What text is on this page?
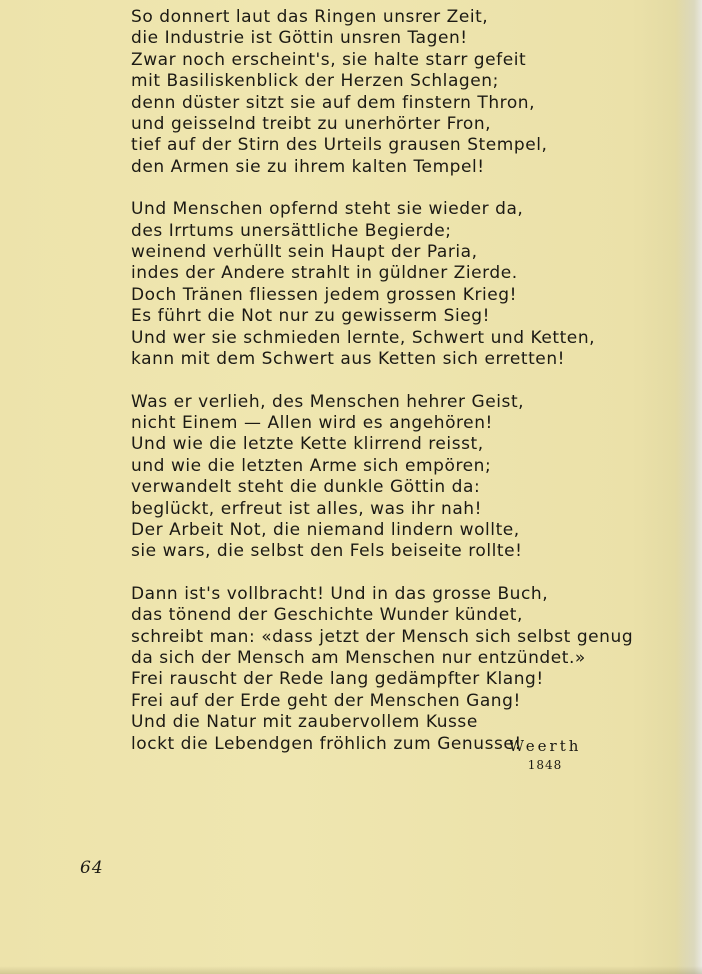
So donnert laut das Ringen unsrer Zeit,
die Industrie ist Göttin unsren Tagen!
Zwar noch erscheint's, sie halte starr gefeit
mit Basiliskenblick der Herzen Schlagen;
denn düster sitzt sie auf dem finstern Thron,
und geisselnd treibt zu unerhörter Fron,
tief auf der Stirn des Urteils grausen Stempel,
den Armen sie zu ihrem kalten Tempel!
Und Menschen opfernd steht sie wieder da,
des Irrtums unersättliche Begierde;
weinend verhüllt sein Haupt der Paria,
indes der Andere strahlt in güldner Zierde.
Doch Tränen fliessen jedem grossen Krieg!
Es führt die Not nur zu gewisserm Sieg!
Und wer sie schmieden lernte, Schwert und Ketten,
kann mit dem Schwert aus Ketten sich erretten!
Was er verlieh, des Menschen hehrer Geist,
nicht Einem — Allen wird es angehören!
Und wie die letzte Kette klirrend reisst,
und wie die letzten Arme sich empören;
verwandelt steht die dunkle Göttin da:
beglückt, erfreut ist alles, was ihr nah!
Der Arbeit Not, die niemand lindern wollte,
sie wars, die selbst den Fels beiseite rollte!
Dann ist's vollbracht! Und in das grosse Buch,
das tönend der Geschichte Wunder kündet,
schreibt man: «dass jetzt der Mensch sich selbst genug
da sich der Mensch am Menschen nur entzündet.»
Frei rauscht der Rede lang gedämpfter Klang!
Frei auf der Erde geht der Menschen Gang!
Und die Natur mit zaubervollem Kusse
lockt die Lebendgen fröhlich zum Genusse!
Weerth
1848
64
